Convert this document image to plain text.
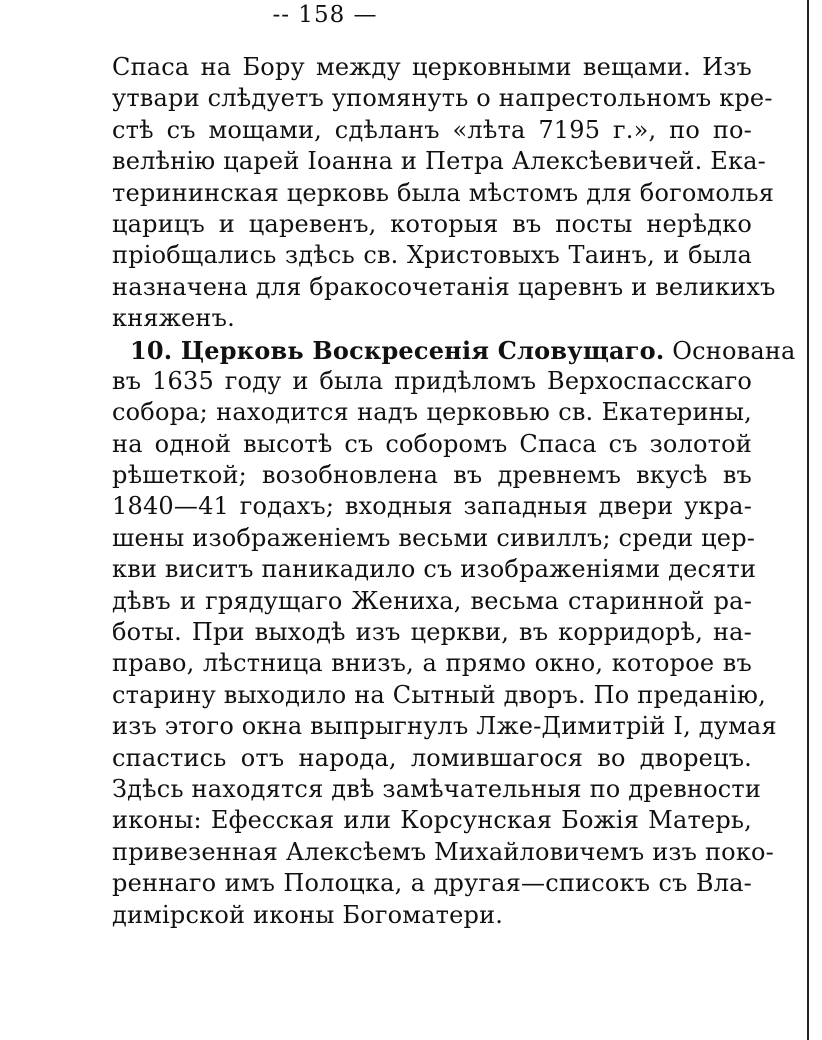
-- 158 —
Спаса на Бору между церковными вещами. Изъ
утвари слѣдуетъ упомянуть о напрестольномъ кре-
стѣ съ мощами, сдѣланъ «лѣта 7195 г.», по по-
велѣнію царей Іоанна и Петра Алексѣевичей. Ека-
терининская церковь была мѣстомъ для богомолья
царицъ и царевенъ, которыя въ посты нерѣдко
пріобщались здѣсь св. Христовыхъ Таинъ, и была
назначена для бракосочетанія царевнъ и великихъ
княженъ.
10. Церковь Воскресенія Словущаго. Основана
въ 1635 году и была придѣломъ Верхоспасскаго
собора; находится надъ церковью св. Екатерины,
на одной высотѣ съ соборомъ Спаса съ золотой
рѣшеткой; возобновлена въ древнемъ вкусѣ въ
1840—41 годахъ; входныя западныя двери укра-
шены изображеніемъ весьми сивиллъ; среди цер-
кви виситъ паникадило съ изображеніями десяти
дѣвъ и грядущаго Жениха, весьма старинной ра-
боты. При выходѣ изъ церкви, въ корридорѣ, на-
право, лѣстница внизъ, а прямо окно, которое въ
старину выходило на Сытный дворъ. По преданію,
изъ этого окна выпрыгнулъ Лже-Димитрій I, думая
спастись отъ народа, ломившагося во дворецъ.
Здѣсь находятся двѣ замѣчательныя по древности
иконы: Ефесская или Корсунская Божія Матерь,
привезенная Алексѣемъ Михайловичемъ изъ поко-
реннаго имъ Полоцка, а другая—списокъ съ Вла-
димірской иконы Богоматери.
